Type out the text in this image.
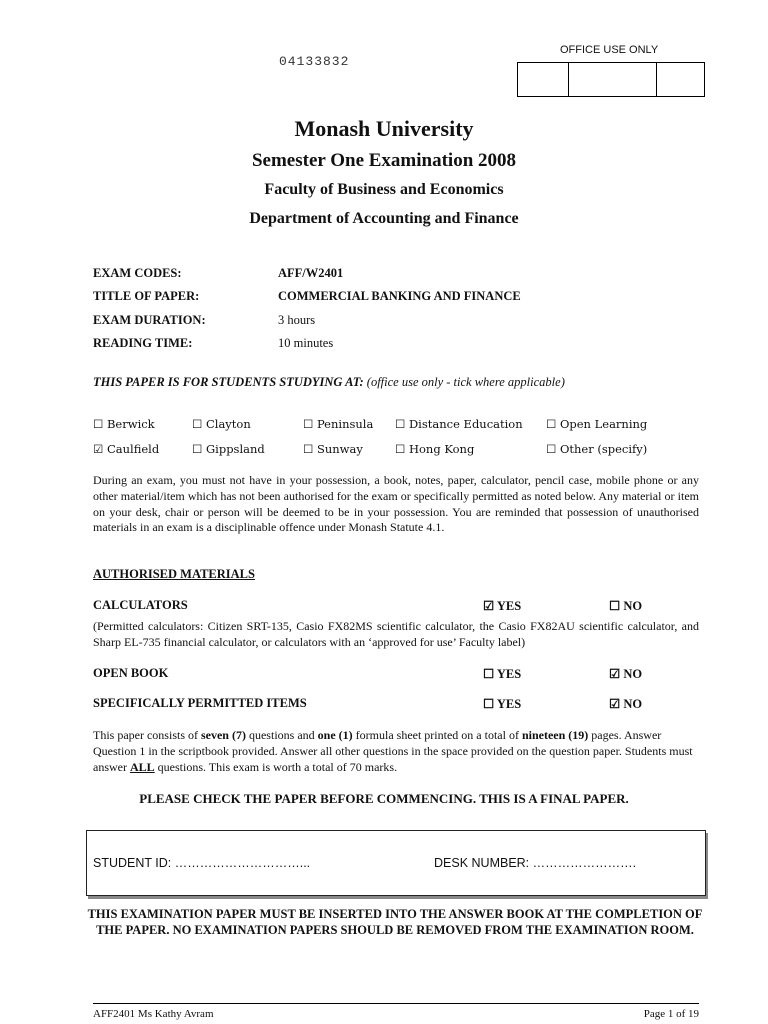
04133832
OFFICE USE ONLY
Monash University
Semester One Examination 2008
Faculty of Business and Economics
Department of Accounting and Finance
EXAM CODES:	AFF/W2401
TITLE OF PAPER:	COMMERCIAL BANKING AND FINANCE
EXAM DURATION:	3 hours
READING TIME:	10 minutes
THIS PAPER IS FOR STUDENTS STUDYING AT: (office use only - tick where applicable)
☐ Berwick	☐ Clayton	☐ Peninsula ☐ Distance Education ☐ Open Learning
☑ Caulfield	☐ Gippsland	☐ Sunway	☐ Hong Kong	☐ Other (specify)
During an exam, you must not have in your possession, a book, notes, paper, calculator, pencil case, mobile phone or any other material/item which has not been authorised for the exam or specifically permitted as noted below. Any material or item on your desk, chair or person will be deemed to be in your possession. You are reminded that possession of unauthorised materials in an exam is a disciplinable offence under Monash Statute 4.1.
AUTHORISED MATERIALS
CALCULATORS	☑ YES	☐ NO
(Permitted calculators: Citizen SRT-135, Casio FX82MS scientific calculator, the Casio FX82AU scientific calculator, and Sharp EL-735 financial calculator, or calculators with an ‘approved for use’ Faculty label)
OPEN BOOK	☐ YES	☑ NO
SPECIFICALLY PERMITTED ITEMS	☐ YES	☑ NO
This paper consists of seven (7) questions and one (1) formula sheet printed on a total of nineteen (19) pages. Answer Question 1 in the scriptbook provided. Answer all other questions in the space provided on the question paper. Students must answer ALL questions. This exam is worth a total of 70 marks.
PLEASE CHECK THE PAPER BEFORE COMMENCING. THIS IS A FINAL PAPER.
STUDENT ID: …………………………...	DESK NUMBER: …………………….
THIS EXAMINATION PAPER MUST BE INSERTED INTO THE ANSWER BOOK AT THE COMPLETION OF THE PAPER. NO EXAMINATION PAPERS SHOULD BE REMOVED FROM THE EXAMINATION ROOM.
AFF2401 Ms Kathy Avram	Page 1 of 19
